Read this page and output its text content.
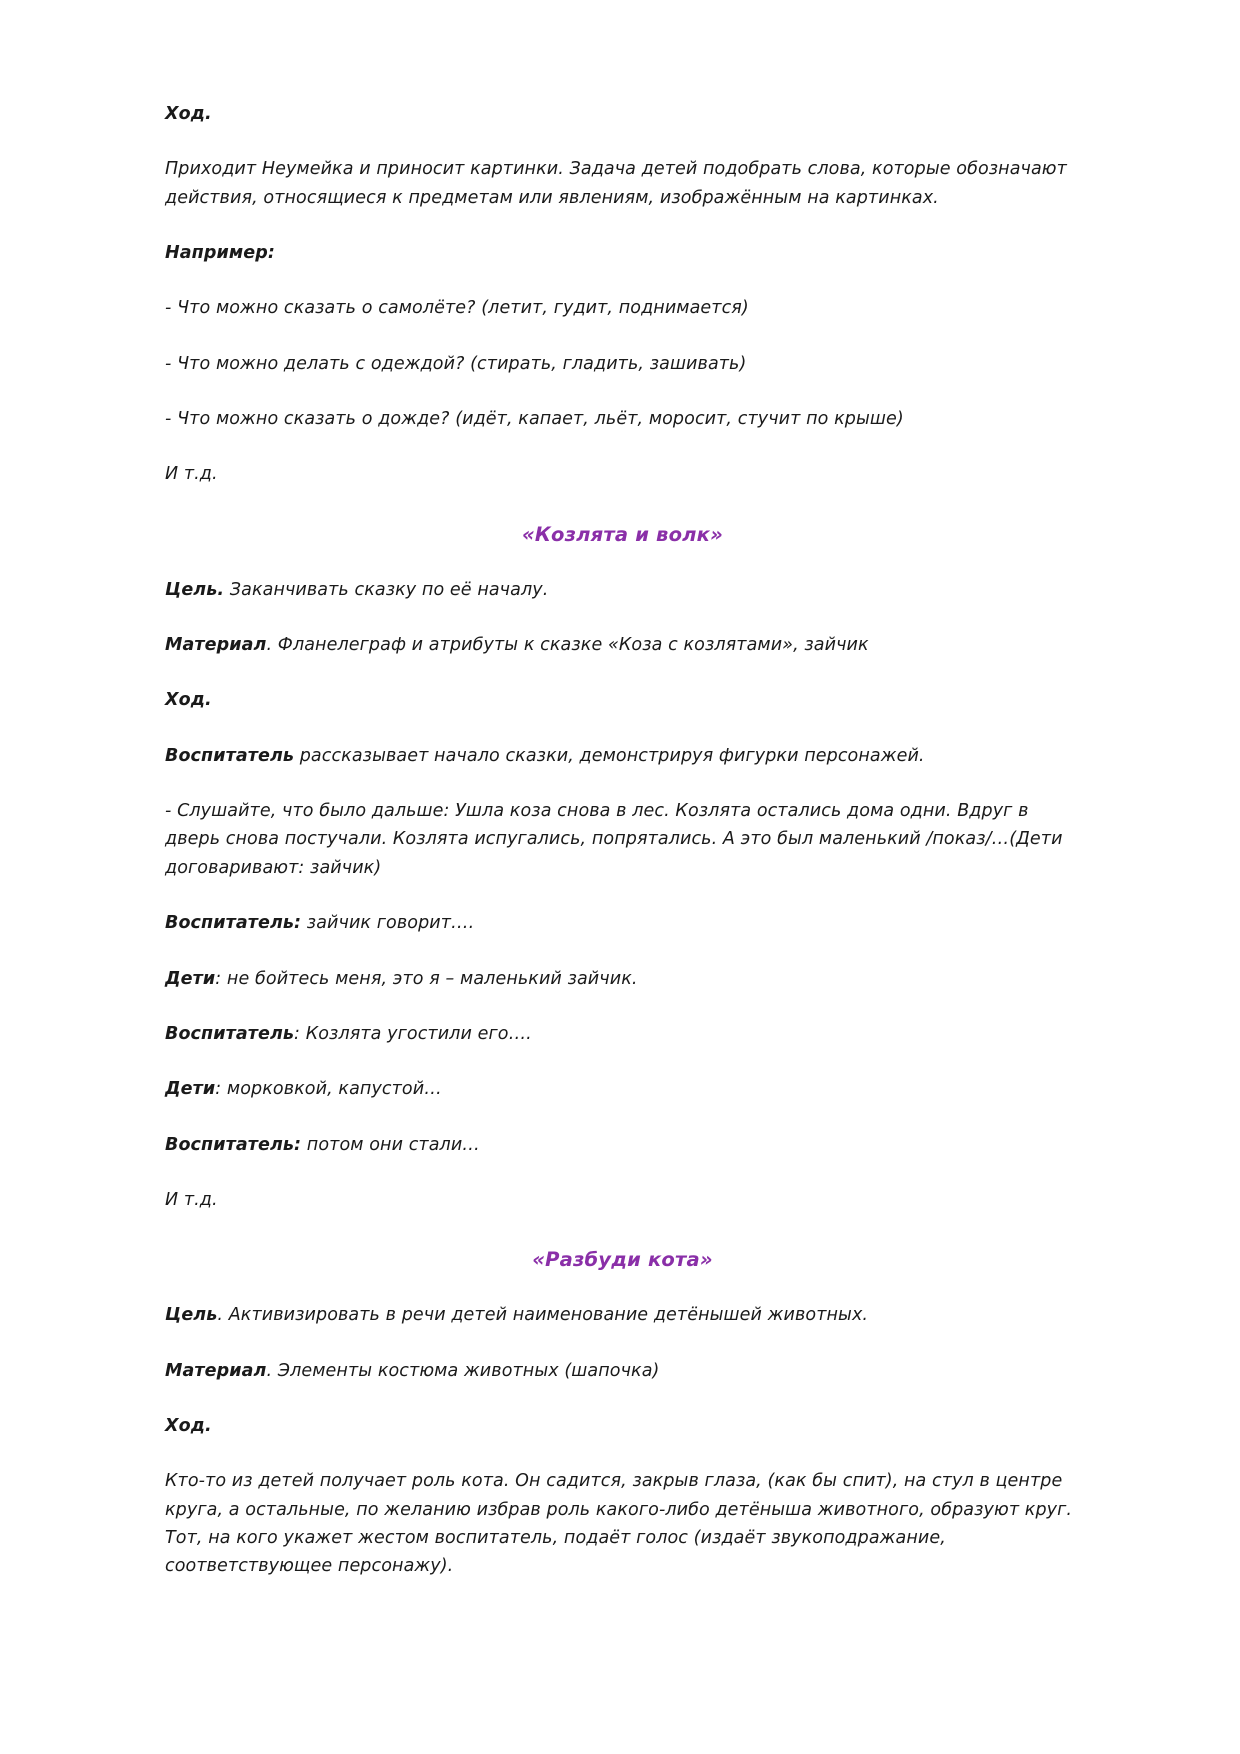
Ход.

Приходит Неумейка и приносит картинки. Задача детей подобрать слова, которые обозначают действия, относящиеся к предметам или явлениям, изображённым на картинках.

Например:

- Что можно сказать о самолёте? (летит, гудит, поднимается)

- Что можно делать с одеждой? (стирать, гладить, зашивать)

- Что можно сказать о дожде? (идёт, капает, льёт, моросит, стучит по крыше)

И т.д.

«Козлята и волк»

Цель. Заканчивать сказку по её началу.

Материал. Фланелеграф и атрибуты к сказке «Коза с козлятами», зайчик

Ход.

Воспитатель рассказывает начало сказки, демонстрируя фигурки персонажей.

- Слушайте, что было дальше: Ушла коза снова в лес. Козлята остались дома одни. Вдруг в дверь снова постучали. Козлята испугались, попрятались. А это был маленький /показ/…(Дети договаривают: зайчик)

Воспитатель: зайчик говорит….

Дети: не бойтесь меня, это я – маленький зайчик.

Воспитатель: Козлята угостили его….

Дети: морковкой, капустой…

Воспитатель: потом они стали…

И т.д.

«Разбуди кота»

Цель. Активизировать в речи детей наименование детёнышей животных.

Материал. Элементы костюма животных (шапочка)

Ход.

Кто-то из детей получает роль кота. Он садится, закрыв глаза, (как бы спит), на стул в центре круга, а остальные, по желанию избрав роль какого-либо детёныша животного, образуют круг. Тот, на кого укажет жестом воспитатель, подаёт голос (издаёт звукоподражание, соответствующее персонажу).
